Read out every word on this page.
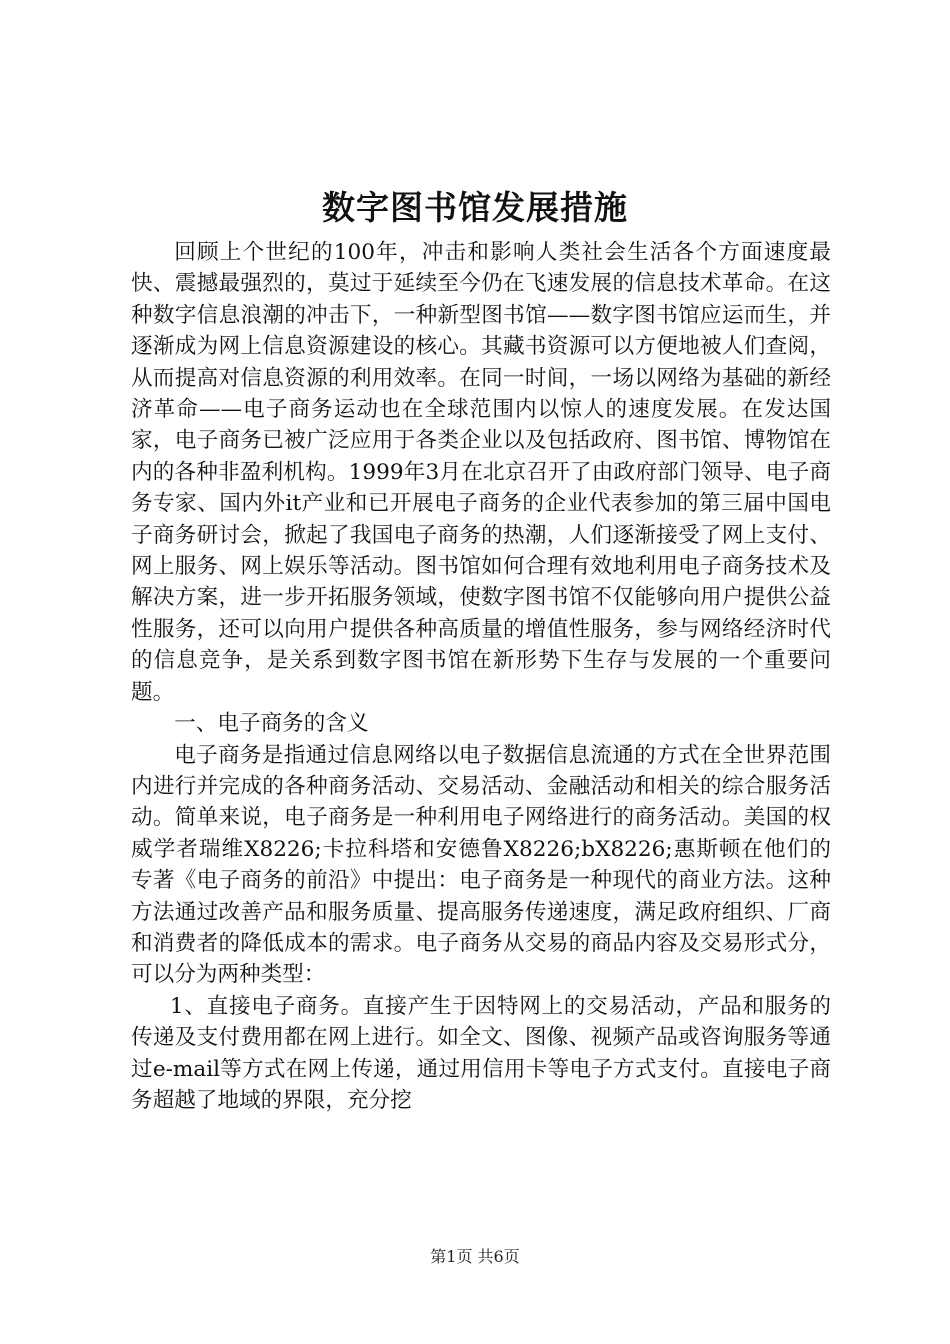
数字图书馆发展措施

回顾上个世纪的100年，冲击和影响人类社会生活各个方面速度最快、震撼最强烈的，莫过于延续至今仍在飞速发展的信息技术革命。在这种数字信息浪潮的冲击下，一种新型图书馆——数字图书馆应运而生，并逐渐成为网上信息资源建设的核心。其藏书资源可以方便地被人们查阅，从而提高对信息资源的利用效率。在同一时间，一场以网络为基础的新经济革命——电子商务运动也在全球范围内以惊人的速度发展。在发达国家，电子商务已被广泛应用于各类企业以及包括政府、图书馆、博物馆在内的各种非盈利机构。1999年3月在北京召开了由政府部门领导、电子商务专家、国内外it产业和已开展电子商务的企业代表参加的第三届中国电子商务研讨会，掀起了我国电子商务的热潮，人们逐渐接受了网上支付、网上服务、网上娱乐等活动。图书馆如何合理有效地利用电子商务技术及解决方案，进一步开拓服务领域，使数字图书馆不仅能够向用户提供公益性服务，还可以向用户提供各种高质量的增值性服务，参与网络经济时代的信息竞争，是关系到数字图书馆在新形势下生存与发展的一个重要问题。

一、电子商务的含义

电子商务是指通过信息网络以电子数据信息流通的方式在全世界范围内进行并完成的各种商务活动、交易活动、金融活动和相关的综合服务活动。简单来说，电子商务是一种利用电子网络进行的商务活动。美国的权威学者瑞维X8226;卡拉科塔和安德鲁X8226;bX8226;惠斯顿在他们的专著《电子商务的前沿》中提出：电子商务是一种现代的商业方法。这种方法通过改善产品和服务质量、提高服务传递速度，满足政府组织、厂商和消费者的降低成本的需求。电子商务从交易的商品内容及交易形式分，可以分为两种类型：

1、直接电子商务。直接产生于因特网上的交易活动，产品和服务的传递及支付费用都在网上进行。如全文、图像、视频产品或咨询服务等通过e-mail等方式在网上传递，通过用信用卡等电子方式支付。直接电子商务超越了地域的界限，充分挖

第1页 共6页
